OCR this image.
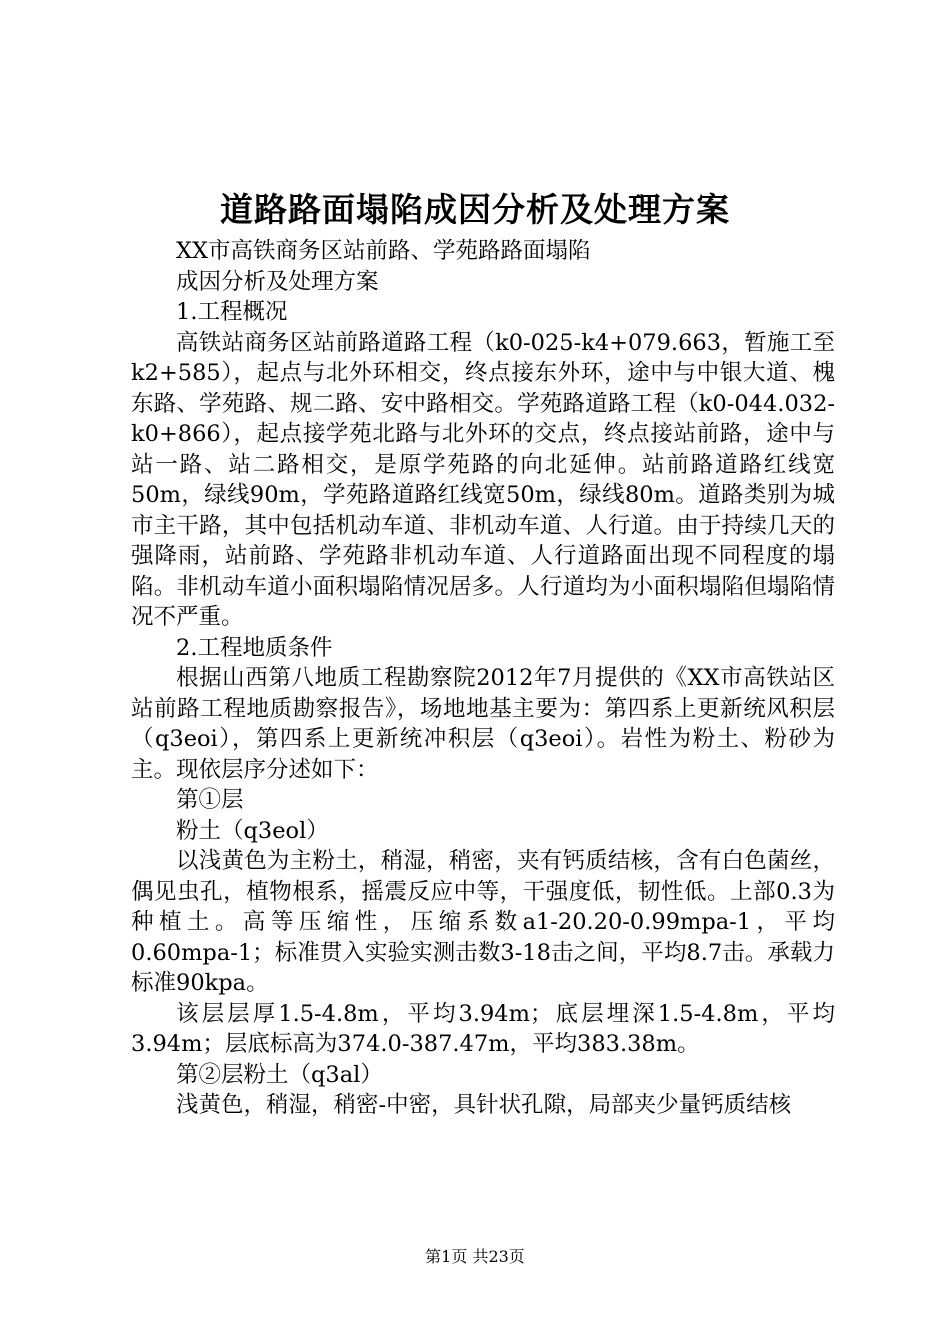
道路路面塌陷成因分析及处理方案

XX市高铁商务区站前路、学苑路路面塌陷

成因分析及处理方案

1.工程概况

高铁站商务区站前路道路工程（k0-025-k4+079.663，暂施工至k2+585），起点与北外环相交，终点接东外环，途中与中银大道、槐东路、学苑路、规二路、安中路相交。学苑路道路工程（k0-044.032-k0+866），起点接学苑北路与北外环的交点，终点接站前路，途中与站一路、站二路相交，是原学苑路的向北延伸。站前路道路红线宽50m，绿线90m，学苑路道路红线宽50m，绿线80m。道路类别为城市主干路，其中包括机动车道、非机动车道、人行道。由于持续几天的强降雨，站前路、学苑路非机动车道、人行道路面出现不同程度的塌陷。非机动车道小面积塌陷情况居多。人行道均为小面积塌陷但塌陷情况不严重。

2.工程地质条件

根据山西第八地质工程勘察院2012年7月提供的《XX市高铁站区站前路工程地质勘察报告》，场地地基主要为：第四系上更新统风积层（q3eoi），第四系上更新统冲积层（q3eoi）。岩性为粉土、粉砂为主。现依层序分述如下：

第①层

粉土（q3eol）

以浅黄色为主粉土，稍湿，稍密，夹有钙质结核，含有白色菌丝，偶见虫孔，植物根系，摇震反应中等，干强度低，韧性低。上部0.3为种植土。高等压缩性，压缩系数a1-20.20-0.99mpa-1，平均0.60mpa-1；标准贯入实验实测击数3-18击之间，平均8.7击。承载力标准90kpa。

该层层厚1.5-4.8m，平均3.94m；底层埋深1.5-4.8m，平均3.94m；层底标高为374.0-387.47m，平均383.38m。

第②层粉土（q3al）

浅黄色，稍湿，稍密-中密，具针状孔隙，局部夹少量钙质结核

第1页 共23页
